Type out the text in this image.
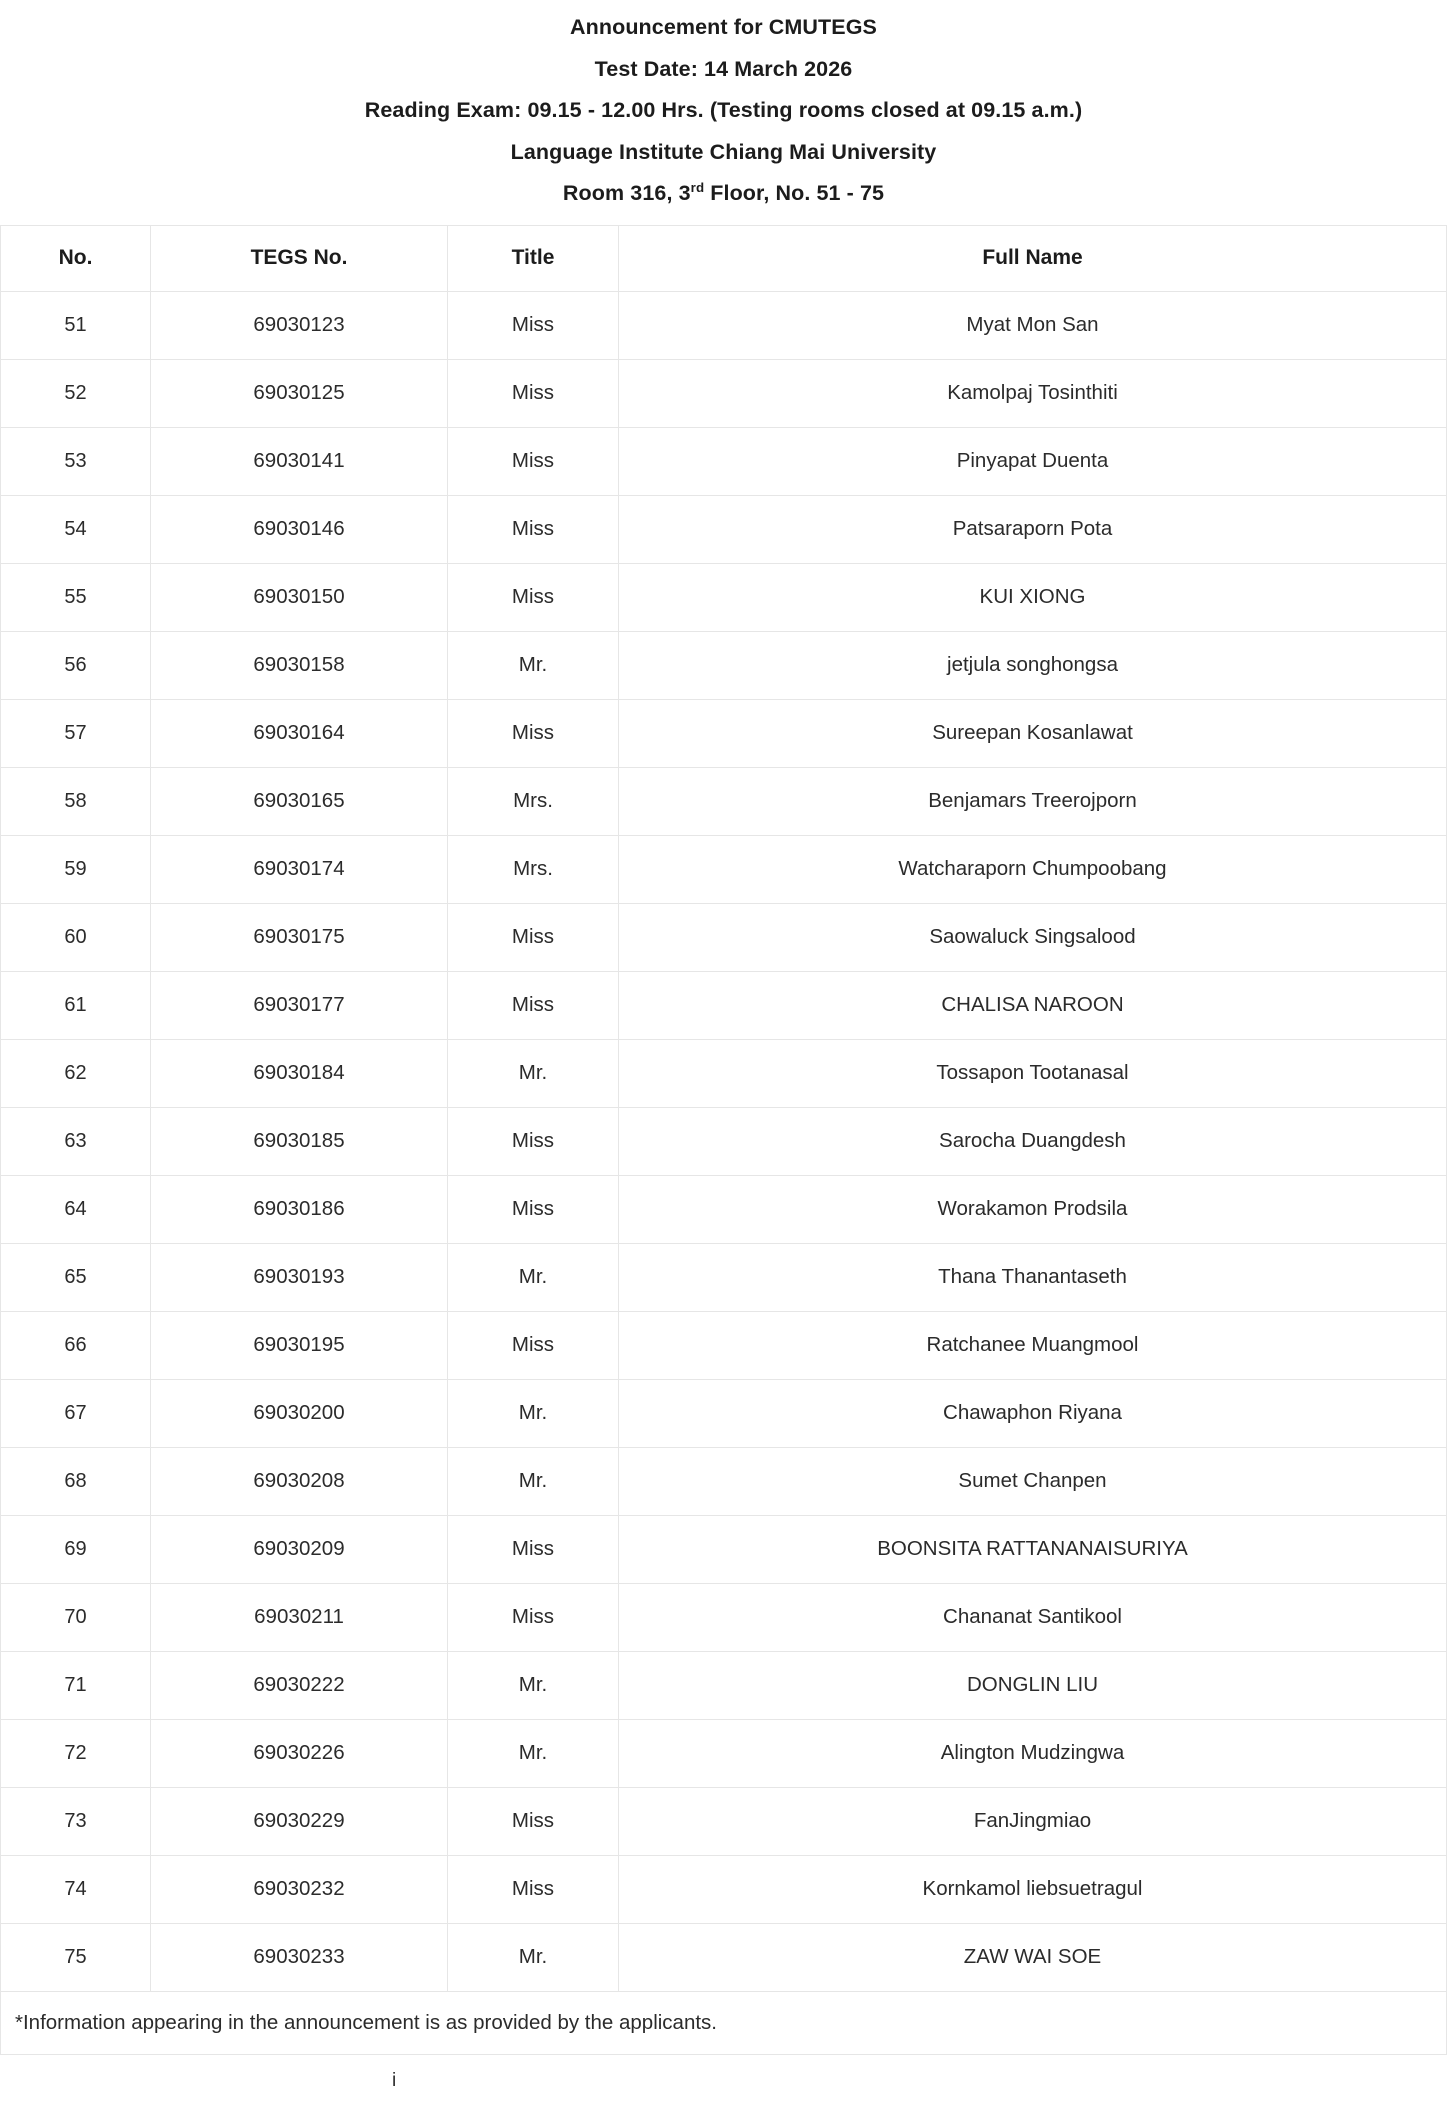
Announcement for CMUTEGS
Test Date: 14 March 2026
Reading Exam: 09.15 - 12.00 Hrs. (Testing rooms closed at 09.15 a.m.)
Language Institute Chiang Mai University
Room 316, 3rd Floor, No. 51 - 75
No.	TEGS No.	Title	Full Name
51	69030123	Miss	Myat Mon San
52	69030125	Miss	Kamolpaj Tosinthiti
53	69030141	Miss	Pinyapat Duenta
54	69030146	Miss	Patsaraporn Pota
55	69030150	Miss	KUI XIONG
56	69030158	Mr.	jetjula songhongsa
57	69030164	Miss	Sureepan Kosanlawat
58	69030165	Mrs.	Benjamars Treerojporn
59	69030174	Mrs.	Watcharaporn Chumpoobang
60	69030175	Miss	Saowaluck Singsalood
61	69030177	Miss	CHALISA NAROON
62	69030184	Mr.	Tossapon Tootanasal
63	69030185	Miss	Sarocha Duangdesh
64	69030186	Miss	Worakamon Prodsila
65	69030193	Mr.	Thana Thanantaseth
66	69030195	Miss	Ratchanee Muangmool
67	69030200	Mr.	Chawaphon Riyana
68	69030208	Mr.	Sumet Chanpen
69	69030209	Miss	BOONSITA RATTANANAISURIYA
70	69030211	Miss	Chananat Santikool
71	69030222	Mr.	DONGLIN LIU
72	69030226	Mr.	Alington Mudzingwa
73	69030229	Miss	FanJingmiao
74	69030232	Miss	Kornkamol liebsuetragul
75	69030233	Mr.	ZAW WAI SOE
*Information appearing in the announcement is as provided by the applicants.			
i
